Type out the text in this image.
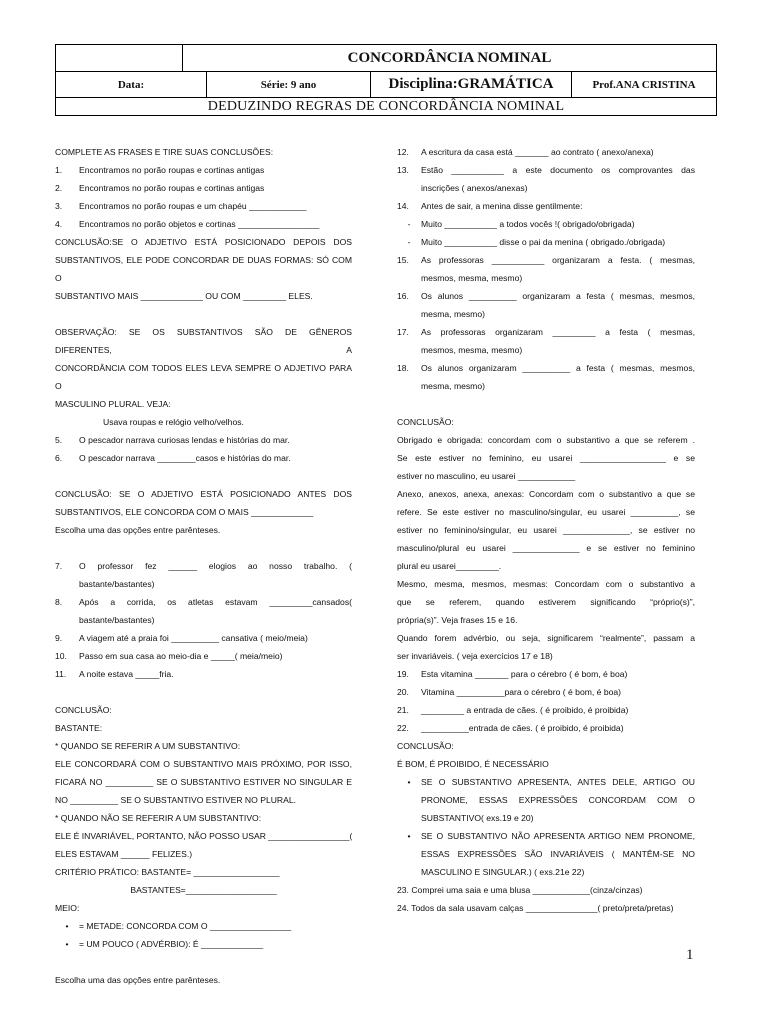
CONCORDÂNCIA NOMINAL
Data:	Série: 9 ano	Disciplina:GRAMÁTICA	Prof.ANA CRISTINA
DEDUZINDO REGRAS DE CONCORDÂNCIA NOMINAL
COMPLETE AS FRASES E TIRE SUAS CONCLUSÕES:
1. Encontramos no porão roupas e cortinas antigas
2. Encontramos no porão roupas e cortinas antigas
3. Encontramos no porão roupas e um chapéu ____________
4. Encontramos no porão objetos e cortinas _________________
CONCLUSÃO:SE O ADJETIVO ESTÁ POSICIONADO DEPOIS DOS
SUBSTANTIVOS, ELE PODE CONCORDAR DE DUAS FORMAS: SÓ COM O
SUBSTANTIVO MAIS _____________ OU COM _________ ELES.
OBSERVAÇÃO: SE OS SUBSTANTIVOS SÃO DE GÊNEROS DIFERENTES, A
CONCORDÂNCIA COM TODOS ELES LEVA SEMPRE O ADJETIVO PARA O
MASCULINO PLURAL. VEJA:
Usava roupas e relógio velho/velhos.
5. O pescador narrava curiosas lendas e histórias do mar.
6. O pescador narrava ________casos e histórias do mar.
CONCLUSÃO: SE O ADJETIVO ESTÁ POSICIONADO ANTES DOS
SUBSTANTIVOS, ELE CONCORDA COM O MAIS _____________
Escolha uma das opções entre parênteses.
7. O professor fez ______ elogios ao nosso trabalho. (
bastante/bastantes)
8. Após a corrida, os atletas estavam _________cansados(
bastante/bastantes)
9. A viagem até a praia foi __________ cansativa ( meio/meia)
10. Passo em sua casa ao meio-dia e _____( meia/meio)
11. A noite estava _____fria.
CONCLUSÃO:
BASTANTE:
* QUANDO SE REFERIR A UM SUBSTANTIVO:
ELE CONCORDARÁ COM O SUBSTANTIVO MAIS PRÓXIMO, POR ISSO,
FICARÁ NO __________ SE O SUBSTANTIVO ESTIVER NO SINGULAR E
NO __________ SE O SUBSTANTIVO ESTIVER NO PLURAL.
* QUANDO NÃO SE REFERIR A UM SUBSTANTIVO:
ELE É INVARIÁVEL, PORTANTO, NÃO POSSO USAR _________________(
ELES ESTAVAM ______ FELIZES.)
CRITÉRIO PRÁTICO: BASTANTE= __________________
BASTANTES=___________________
MEIO:
• = METADE: CONCORDA COM O _________________
• = UM POUCO ( ADVÉRBIO): É _____________
Escolha uma das opções entre parênteses.
12. A escritura da casa está _______ ao contrato ( anexo/anexa)
13. Estão ___________ a este documento os comprovantes das
inscrições ( anexos/anexas)
14. Antes de sair, a menina disse gentilmente:
- Muito ___________ a todos vocês !( obrigado/obrigada)
- Muito ___________ disse o pai da menina ( obrigado./obrigada)
15. As professoras ___________ organizaram a festa. ( mesmas,
mesmos, mesma, mesmo)
16. Os alunos __________ organizaram a festa ( mesmas, mesmos,
mesma, mesmo)
17. As professoras organizaram _________ a festa ( mesmas,
mesmos, mesma, mesmo)
18. Os alunos organizaram __________ a festa ( mesmas, mesmos,
mesma, mesmo)
CONCLUSÃO:
Obrigado e obrigada: concordam com o substantivo a que se referem .
Se este estiver no feminino, eu usarei __________________ e se
estiver no masculino, eu usarei ____________
Anexo, anexos, anexa, anexas: Concordam com o substantivo a que se
refere. Se este estiver no masculino/singular, eu usarei __________, se
estiver no feminino/singular, eu usarei ______________, se estiver no
masculino/plural eu usarei ______________ e se estiver no feminino
plural eu usarei_________.
Mesmo, mesma, mesmos, mesmas: Concordam com o substantivo a
que se referem, quando estiverem significando “próprio(s)”,
própria(s)”. Veja frases 15 e 16.
Quando forem advérbio, ou seja, significarem “realmente”, passam a
ser invariáveis. ( veja exercícios 17 e 18)
19. Esta vitamina _______ para o cérebro ( é bom, é boa)
20. Vitamina __________para o cérebro ( é bom, é boa)
21. _________ a entrada de cães. ( é proibido, é proibida)
22. __________entrada de cães. ( é proibido, é proibida)
CONCLUSÃO:
É BOM, É PROIBIDO, É NECESSÁRIO
• SE O SUBSTANTIVO APRESENTA, ANTES DELE, ARTIGO OU
PRONOME, ESSAS EXPRESSÕES CONCORDAM COM O
SUBSTANTIVO( exs.19 e 20)
• SE O SUBSTANTIVO NÃO APRESENTA ARTIGO NEM PRONOME,
ESSAS EXPRESSÕES SÃO INVARIÁVEIS ( MANTÊM-SE NO
MASCULINO E SINGULAR.) ( exs.21e 22)
23. Comprei uma saia e uma blusa ____________(cinza/cinzas)
24. Todos da sala usavam calças _______________( preto/preta/pretas)
1
